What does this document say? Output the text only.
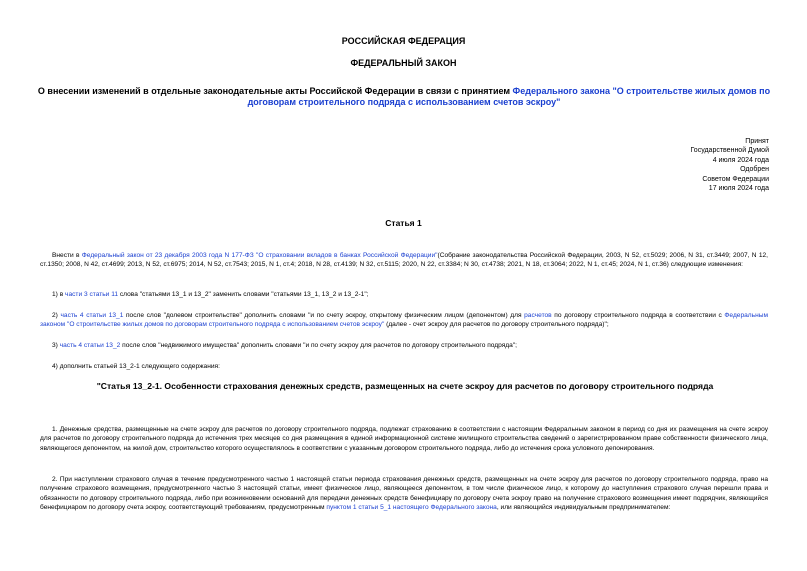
РОССИЙСКАЯ ФЕДЕРАЦИЯ
ФЕДЕРАЛЬНЫЙ ЗАКОН
О внесении изменений в отдельные законодательные акты Российской Федерации в связи с принятием Федерального закона "О строительстве жилых домов по договорам строительного подряда с использованием счетов эскроу"
Принят
Государственной Думой
4 июля 2024 года
Одобрен
Советом Федерации
17 июля 2024 года
Статья 1
Внести в Федеральный закон от 23 декабря 2003 года N 177-ФЗ "О страховании вкладов в банках Российской Федерации"(Собрание законодательства Российской Федерации, 2003, N 52, ст.5029; 2006, N 31, ст.3449; 2007, N 12, ст.1350; 2008, N 42, ст.4699; 2013, N 52, ст.6975; 2014, N 52, ст.7543; 2015, N 1, ст.4; 2018, N 28, ст.4139; N 32, ст.5115; 2020, N 22, ст.3384; N 30, ст.4738; 2021, N 18, ст.3064; 2022, N 1, ст.45; 2024, N 1, ст.36) следующие изменения:
1) в части 3 статьи 11 слова "статьями 13_1 и 13_2" заменить словами "статьями 13_1, 13_2 и 13_2-1";
2) часть 4 статьи 13_1 после слов "долевом строительстве" дополнить словами "и по счету эскроу, открытому физическим лицом (депонентом) для расчетов по договору строительного подряда в соответствии с Федеральным законом "О строительстве жилых домов по договорам строительного подряда с использованием счетов эскроу" (далее - счет эскроу для расчетов по договору строительного подряда)";
3) часть 4 статьи 13_2 после слов "недвижимого имущества" дополнить словами "и по счету эскроу для расчетов по договору строительного подряда";
4) дополнить статьей 13_2-1 следующего содержания:
"Статья 13_2-1. Особенности страхования денежных средств, размещенных на счете эскроу для расчетов по договору строительного подряда
1. Денежные средства, размещенные на счете эскроу для расчетов по договору строительного подряда, подлежат страхованию в соответствии с настоящим Федеральным законом в период со дня их размещения на счете эскроу для расчетов по договору строительного подряда до истечения трех месяцев со дня размещения в единой информационной системе жилищного строительства сведений о зарегистрированном праве собственности физического лица, являющегося депонентом, на жилой дом, строительство которого осуществлялось в соответствии с указанным договором строительного подряда, либо до истечения срока условного депонирования.
2. При наступлении страхового случая в течение предусмотренного частью 1 настоящей статьи периода страхования денежных средств, размещенных на счете эскроу для расчетов по договору строительного подряда, право на получение страхового возмещения, предусмотренного частью 3 настоящей статьи, имеет физическое лицо, являющееся депонентом, в том числе физическое лицо, к которому до наступления страхового случая перешли права и обязанности по договору строительного подряда, либо при возникновении оснований для передачи денежных средств бенефициару по договору счета эскроу право на получение страхового возмещения имеет подрядчик, являющийся бенефициаром по договору счета эскроу, соответствующий требованиям, предусмотренным пунктом 1 статьи 5_1 настоящего Федерального закона, или являющийся индивидуальным предпринимателем:
